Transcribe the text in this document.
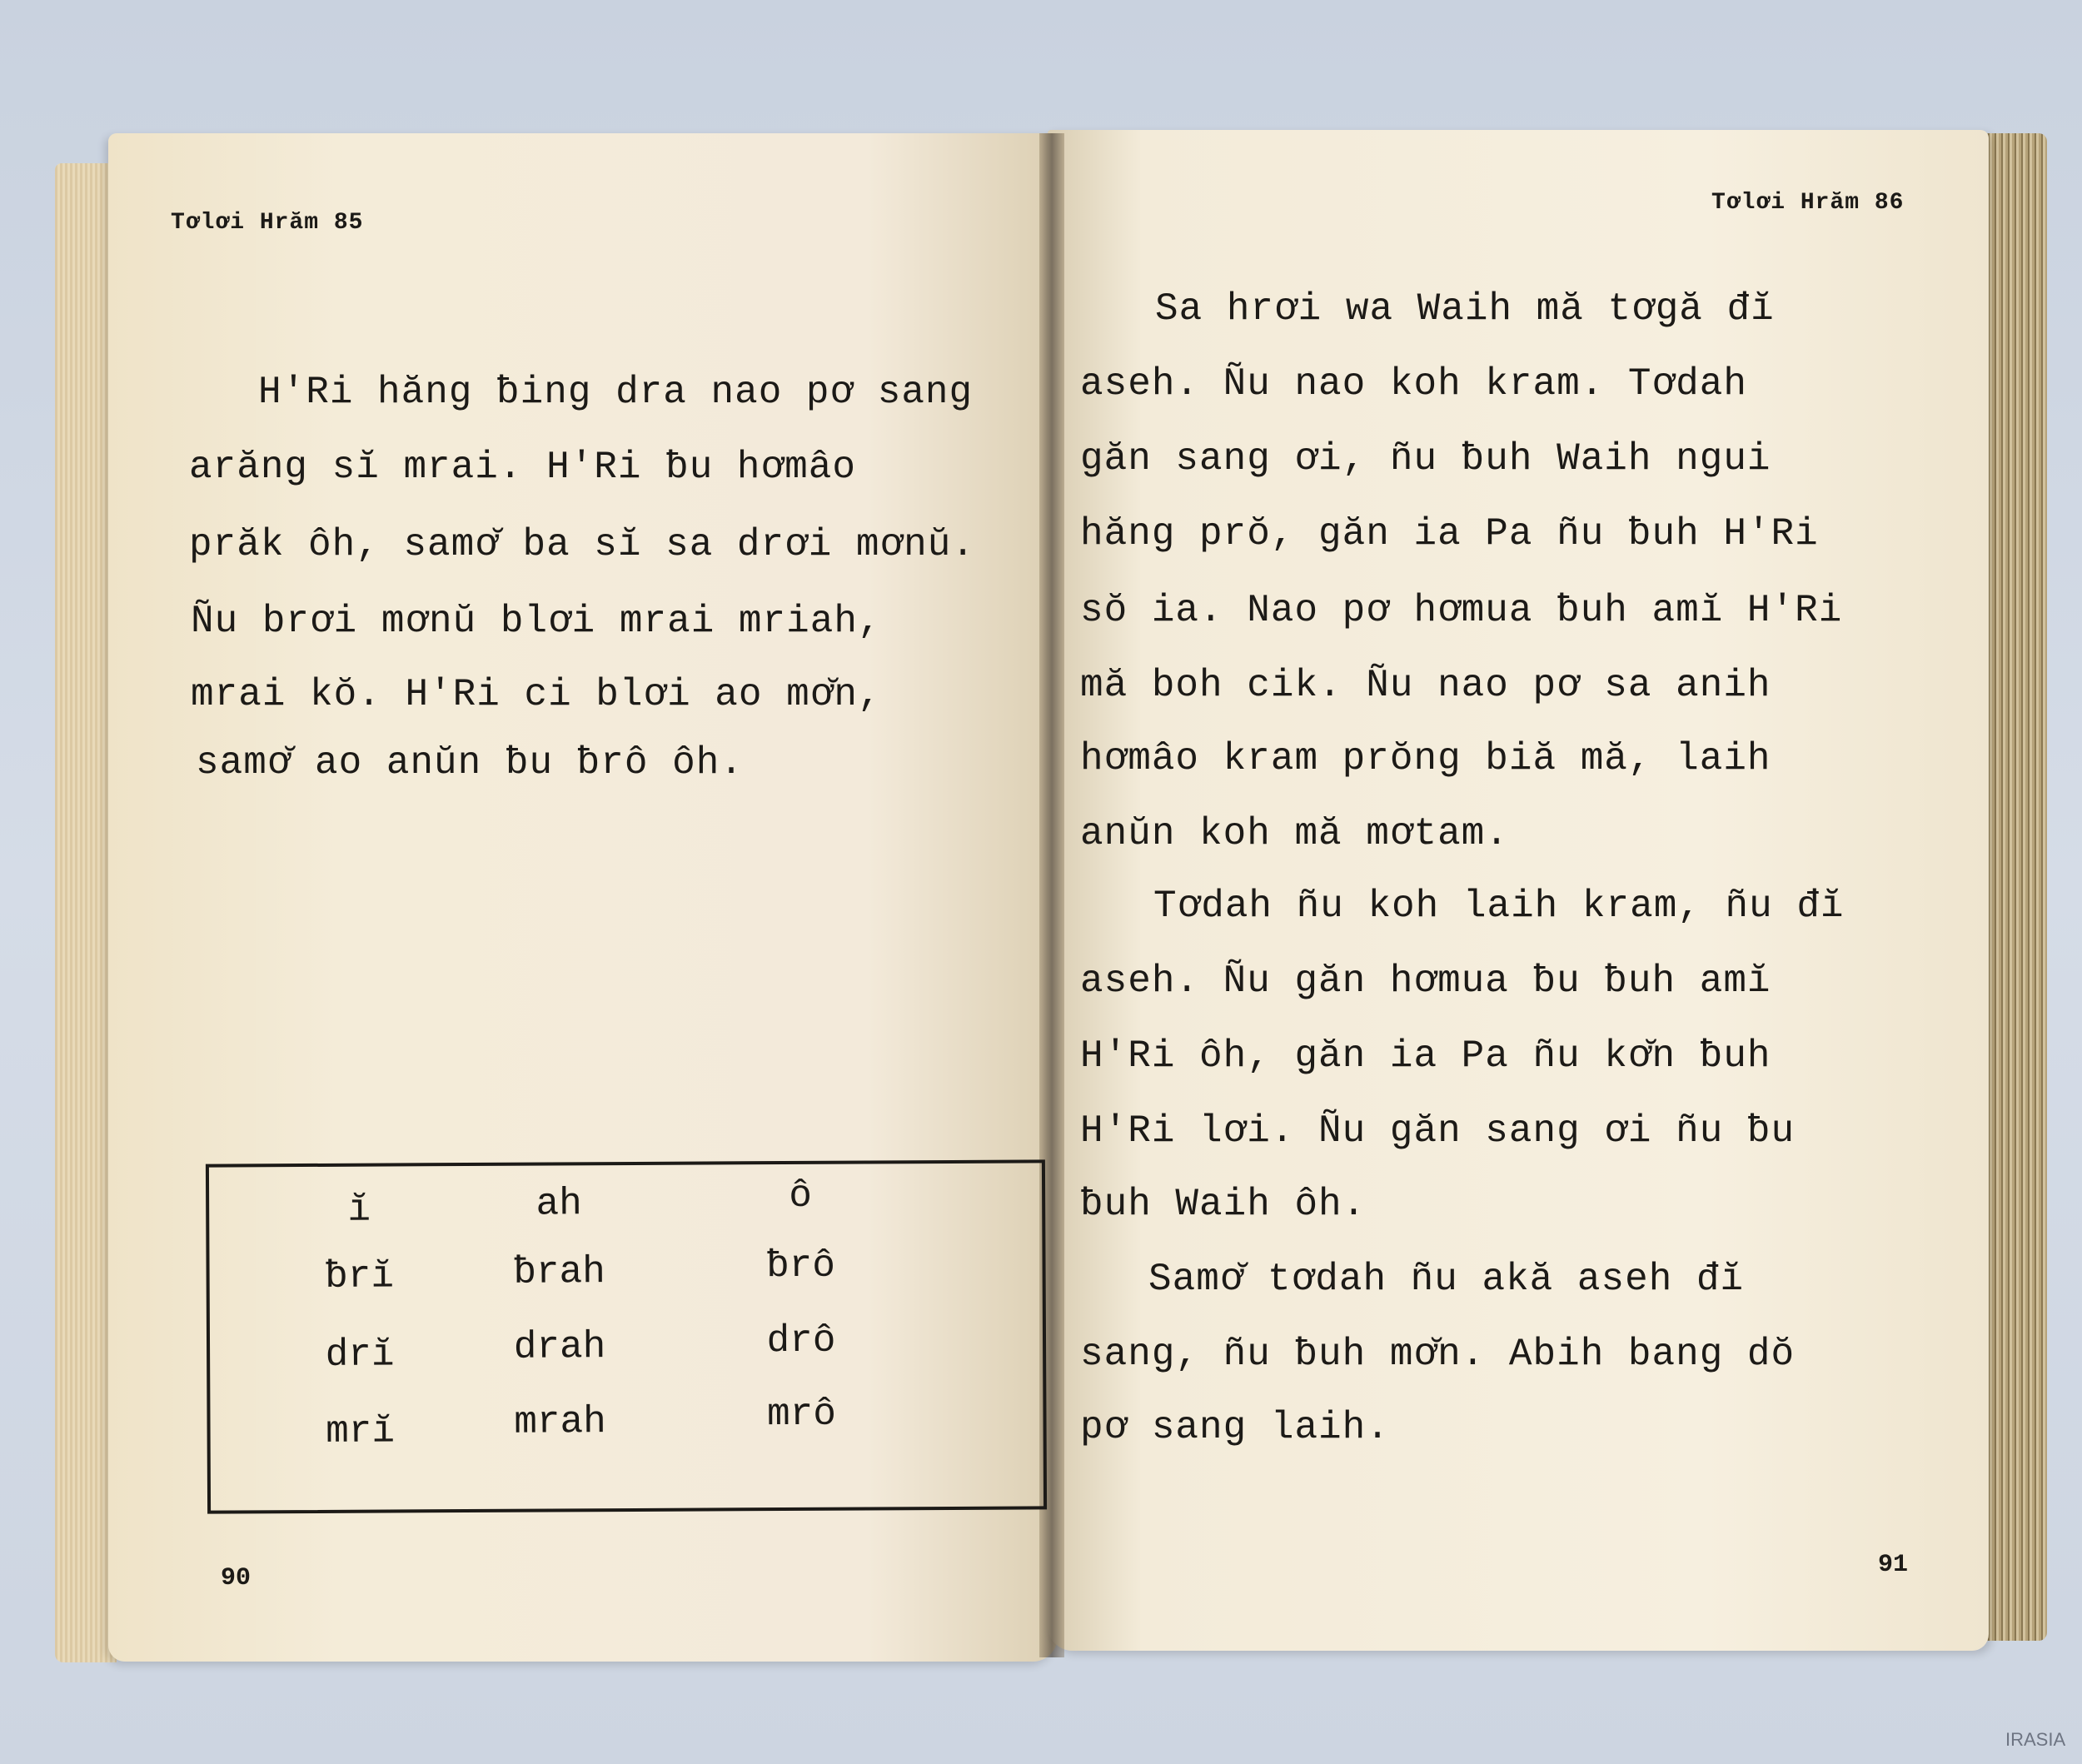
Tơlơi Hrăm 85
H'Ri hăng ƀing dra nao pơ sang
arăng sĭ mrai. H'Ri ƀu hơmâo
prăk ôh, samơ̆ ba sĭ sa drơi mơnŭ.
Ñu brơi mơnŭ blơi mrai mriah,
mrai kŏ. H'Ri ci blơi ao mơ̆n,
samơ̆ ao anŭn ƀu ƀrô ôh.
ĭ
ƀrĭ
drĭ
mrĭ
ah
ƀrah
drah
mrah
ô
ƀrô
drô
mrô
90
Tơlơi Hrăm 86
Sa hrơi wa Waih mă tơgă đĭ
aseh. Ñu nao koh kram. Tơdah
găn sang ơi, ñu ƀuh Waih ngui
hăng prŏ, găn ia Pa ñu ƀuh H'Ri
sŏ ia. Nao pơ hơmua ƀuh amĭ H'Ri
mă boh cik. Ñu nao pơ sa anih
hơmâo kram prŏng biă mă, laih
anŭn koh mă mơtam.
Tơdah ñu koh laih kram, ñu đĭ
aseh. Ñu găn hơmua ƀu ƀuh amĭ
H'Ri ôh, găn ia Pa ñu kơ̆n ƀuh
H'Ri lơi. Ñu găn sang ơi ñu ƀu
ƀuh Waih ôh.
Samơ̆ tơdah ñu akă aseh đĭ
sang, ñu ƀuh mơ̆n. Abih bang dŏ
pơ sang laih.
91
IRASIA
